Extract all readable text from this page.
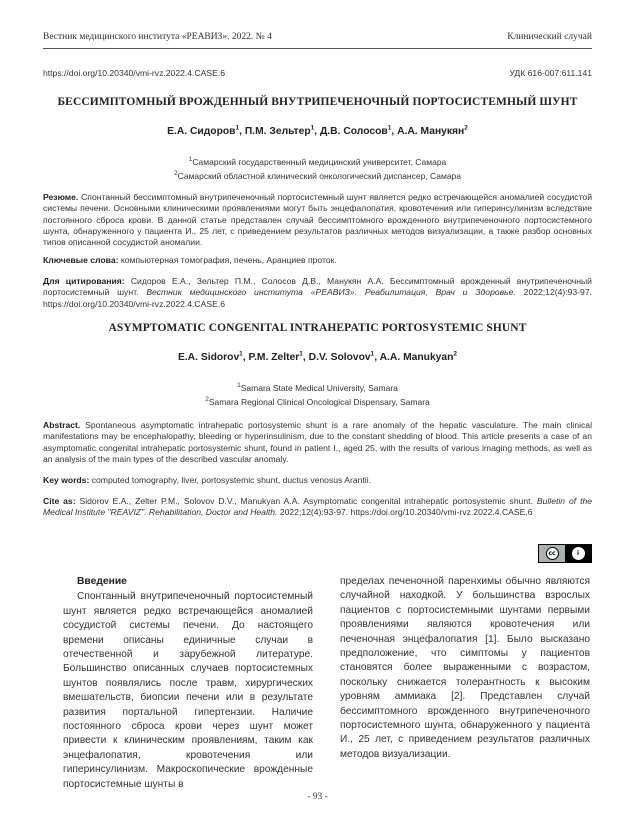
Вестник медицинского института «РЕАВИЗ». 2022. № 4	Клинический случай
https://doi.org/10.20340/vmi-rvz.2022.4.CASE.6	УДК 616-007:611.141
БЕССИМПТОМНЫЙ ВРОЖДЕННЫЙ ВНУТРИПЕЧЕНОЧНЫЙ ПОРТОСИСТЕМНЫЙ ШУНТ
Е.А. Сидоров$^1$, П.М. Зельтер$^1$, Д.В. Солосов$^1$, А.А. Манукян$^2$
$^1$Самарский государственный медицинский университет, Самара
$^2$Самарский областной клинический онкологический диспансер, Самара
Резюме. Спонтанный бессимптомный внутрипеченочный портосистемный шунт является редко встречающейся аномалией сосудистой системы печени. Основными клиническими проявлениями могут быть энцефалопатия, кровотечения или гиперинсулинизм вследствие постоянного сброса крови. В данной статье представлен случай бессимптомного врожденного внутрипеченочного портосистемного шунта, обнаруженного у пациента И., 25 лет, с приведением результатов различных методов визуализации, а также разбор основных типов описанной сосудистой аномалии.
Ключевые слова: компьютерная томография, печень, Аранциев проток.
Для цитирования: Сидоров Е.А., Зельтер П.М., Солосов Д.В., Манукян А.А. Бессимптомный врожденный внутрипеченочный портосистемный шунт. Вестник медицинского института «РЕАВИЗ». Реабилитация, Врач и Здоровье. 2022;12(4):93-97. https://doi.org/10.20340/vmi-rvz.2022.4.CASE.6
ASYMPTOMATIC CONGENITAL INTRAHEPATIC PORTOSYSTEMIC SHUNT
E.A. Sidorov$^1$, P.M. Zelter$^1$, D.V. Solovov$^1$, A.A. Manukyan$^2$
$^1$Samara State Medical University, Samara
$^2$Samara Regional Clinical Oncological Dispensary, Samara
Abstract. Spontaneous asymptomatic intrahepatic portosystemic shunt is a rare anomaly of the hepatic vasculature. The main clinical manifestations may be encephalopathy, bleeding or hyperinsulinism, due to the constant shedding of blood. This article presents a case of an asymptomatic congenital intrahepatic portosystemic shunt, found in patient I., aged 25, with the results of various imaging methods, as well as an analysis of the main types of the described vascular anomaly.
Key words: computed tomography, liver, portosystemic shunt, ductus venosus Arantii.
Cite as: Sidorov E.A., Zelter P.M., Solovov D.V., Manukyan A.A. Asymptomatic congenital intrahepatic portosystemic shunt. Bulletin of the Medical Institute "REAVIZ". Rehabilitation, Doctor and Health. 2022;12(4):93-97. https://doi.org/10.20340/vmi-rvz.2022.4.CASE.6
cc	i
Введение

Спонтанный внутрипеченочный портосистемный шунт является редко встречающейся аномалией сосудистой системы печени. До настоящего времени описаны единичные случаи в отечественной и зарубежной литературе. Большинство описанных случаев портосистемных шунтов появлялись после травм, хирургических вмешательств, биопсии печени или в результате развития портальной гипертензии. Наличие постоянного сброса крови через шунт может привести к клиническим проявлениям, таким как энцефалопатия, кровотечения или гиперинсулинизм. Макроскопические врожденные портосистемные шунты в

пределах печеночной паренхимы обычно являются случайной находкой. У большинства взрослых пациентов с портосистемными шунтами первыми проявлениями являются кровотечения или печеночная энцефалопатия [1]. Было высказано предположение, что симптомы у пациентов становятся более выраженными с возрастом, поскольку снижается толерантность к высоким уровням аммиака [2]. Представлен случай бессимптомного врожденного внутрипеченочного портосистемного шунта, обнаруженного у пациента И., 25 лет, с приведением результатов различных методов визуализации.

- 93 -
